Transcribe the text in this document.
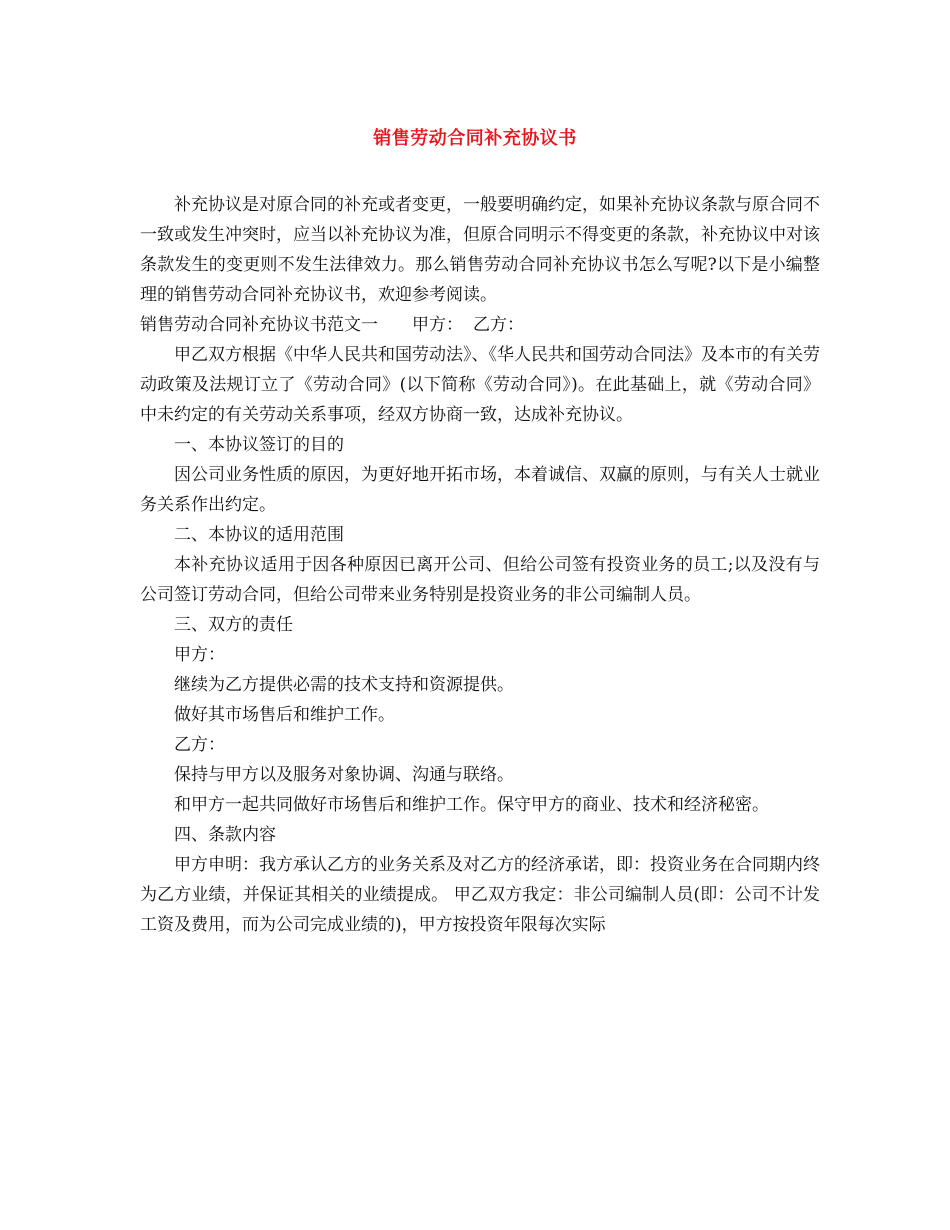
销售劳动合同补充协议书

补充协议是对原合同的补充或者变更，一般要明确约定，如果补充协议条款与原合同不一致或发生冲突时，应当以补充协议为准，但原合同明示不得变更的条款，补充协议中对该条款发生的变更则不发生法律效力。那么销售劳动合同补充协议书怎么写呢?以下是小编整理的销售劳动合同补充协议书，欢迎参考阅读。

销售劳动合同补充协议书范文一 甲方： 乙方：

甲乙双方根据《中华人民共和国劳动法》、《华人民共和国劳动合同法》及本市的有关劳动政策及法规订立了《劳动合同》(以下简称《劳动合同》)。在此基础上，就《劳动合同》中未约定的有关劳动关系事项，经双方协商一致，达成补充协议。

一、本协议签订的目的

因公司业务性质的原因，为更好地开拓市场，本着诚信、双赢的原则，与有关人士就业务关系作出约定。

二、本协议的适用范围

本补充协议适用于因各种原因已离开公司、但给公司签有投资业务的员工;以及没有与公司签订劳动合同，但给公司带来业务特别是投资业务的非公司编制人员。

三、双方的责任

甲方：

继续为乙方提供必需的技术支持和资源提供。

做好其市场售后和维护工作。

乙方：

保持与甲方以及服务对象协调、沟通与联络。

和甲方一起共同做好市场售后和维护工作。保守甲方的商业、技术和经济秘密。

四、条款内容

甲方申明：我方承认乙方的业务关系及对乙方的经济承诺，即：投资业务在合同期内终为乙方业绩，并保证其相关的业绩提成。 甲乙双方我定：非公司编制人员(即：公司不计发工资及费用，而为公司完成业绩的)，甲方按投资年限每次实际
